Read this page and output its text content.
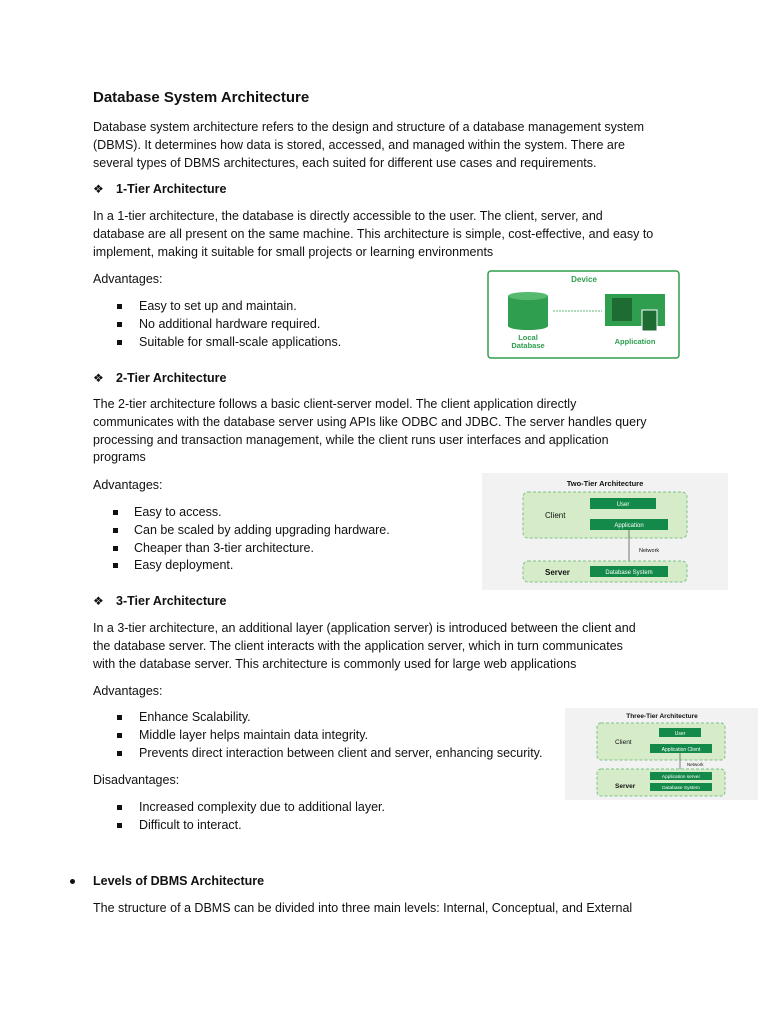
Database System Architecture
Database system architecture refers to the design and structure of a database management system
(DBMS). It determines how data is stored, accessed, and managed within the system. There are
several types of DBMS architectures, each suited for different use cases and requirements.
❖ 1-Tier Architecture
In a 1-tier architecture, the database is directly accessible to the user. The client, server, and
database are all present on the same machine. This architecture is simple, cost-effective, and easy to
implement, making it suitable for small projects or learning environments
Advantages:
Easy to set up and maintain.
No additional hardware required.
Suitable for small-scale applications.
Device
Local
Database	Application
❖ 2-Tier Architecture
The 2-tier architecture follows a basic client-server model. The client application directly
communicates with the database server using APIs like ODBC and JDBC. The server handles query
processing and transaction management, while the client runs user interfaces and application
programs
Advantages:
Easy to access.
Can be scaled by adding upgrading hardware.
Cheaper than 3-tier architecture.
Easy deployment.
Two-Tier Architecture
Client
User
Application
Network
Server	Database System
❖ 3-Tier Architecture
In a 3-tier architecture, an additional layer (application server) is introduced between the client and
the database server. The client interacts with the application server, which in turn communicates
with the database server. This architecture is commonly used for large web applications
Advantages:
Enhance Scalability.
Middle layer helps maintain data integrity.
Prevents direct interaction between client and server, enhancing security.
Disadvantages:
Increased complexity due to additional layer.
Difficult to interact.
Three-Tier Architecture
Client
User
Application Client
Network
Server
Application server
Database System
Levels of DBMS Architecture
The structure of a DBMS can be divided into three main levels: Internal, Conceptual, and External
